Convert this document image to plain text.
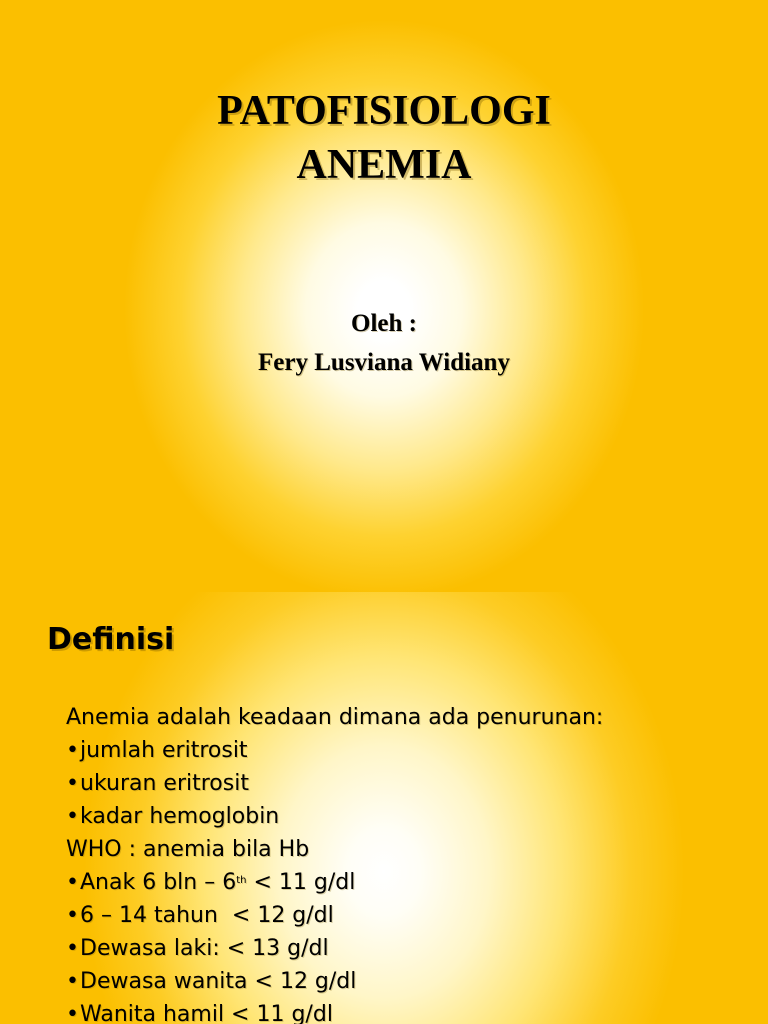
PATOFISIOLOGI
ANEMIA
Oleh :
Fery Lusviana Widiany
Definisi
Anemia adalah keadaan dimana ada penurunan:
•jumlah eritrosit
•ukuran eritrosit
•kadar hemoglobin
WHO : anemia bila Hb
•Anak 6 bln – 6th < 11 g/dl
•6 – 14 tahun  < 12 g/dl
•Dewasa laki: < 13 g/dl
•Dewasa wanita < 12 g/dl
•Wanita hamil < 11 g/dl
